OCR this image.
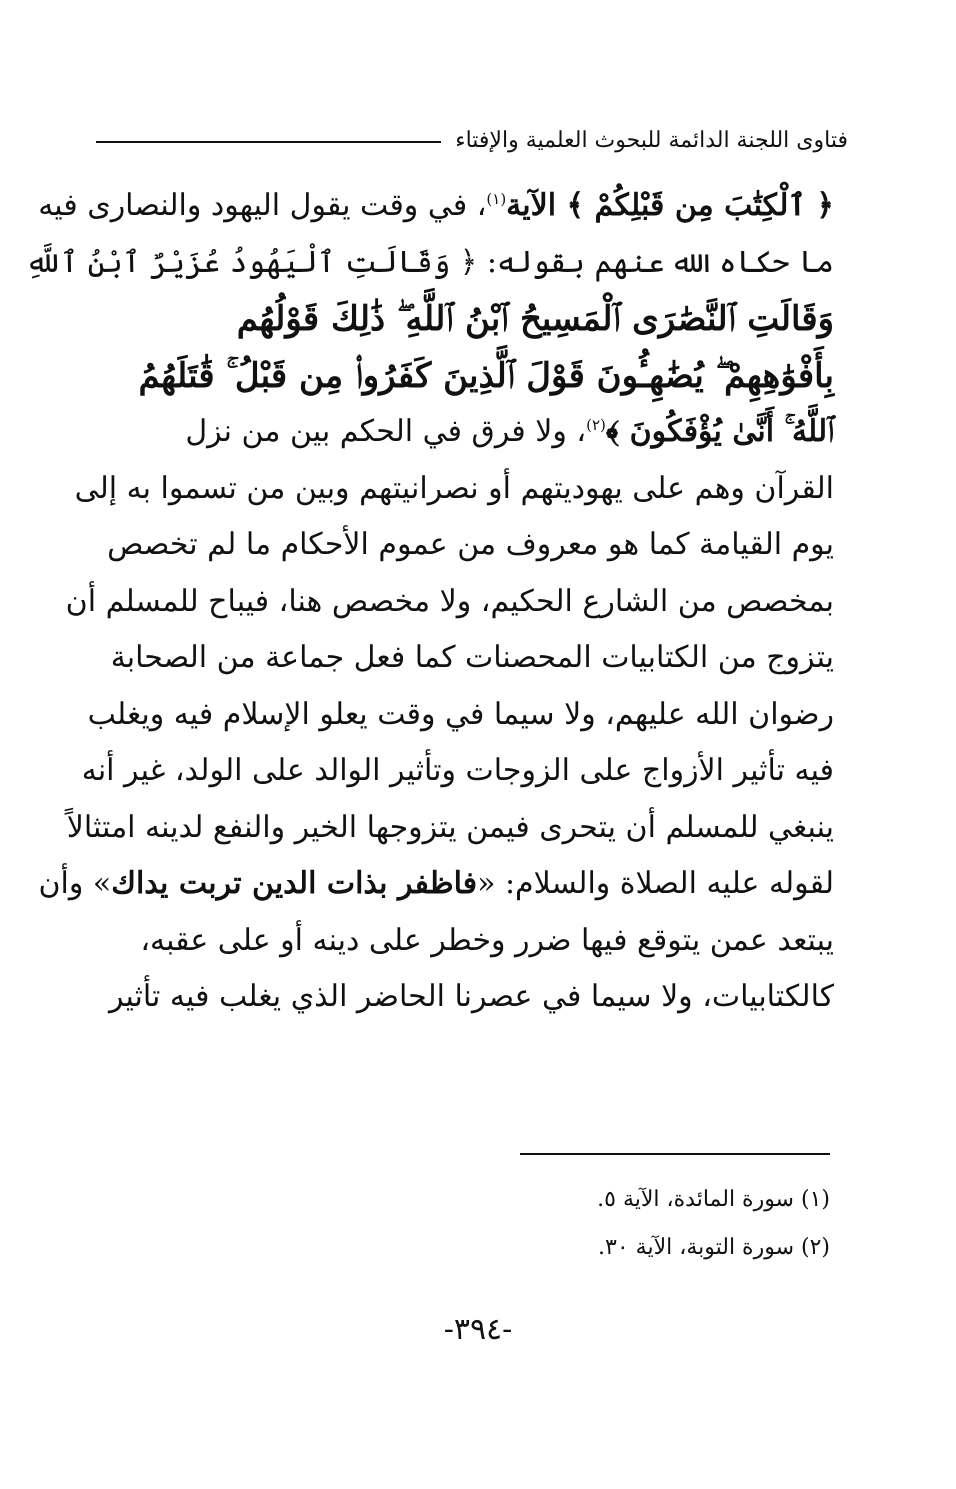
فتاوى اللجنة الدائمة للبحوث العلمية والإفتاء
﴿ ٱلْكِتَٰبَ مِن قَبْلِكُمْ ﴾ الآية$^{(١)}$، في وقت يقول اليهود والنصارى فيه
ما حكاه الله عنهم بقوله: ﴿ وَقَالَتِ ٱلْيَهُودُ عُزَيْرٌ ٱبْنُ ٱللَّهِ
وَقَالَتِ ٱلنَّصَٰرَى ٱلْمَسِيحُ ٱبْنُ ٱللَّهِ ۖ ذَٰلِكَ قَوْلُهُم
بِأَفْوَٰهِهِمْ ۖ يُضَٰهِـُٔونَ قَوْلَ ٱلَّذِينَ كَفَرُوا۟ مِن قَبْلُ ۚ قَٰتَلَهُمُ
ٱللَّهُ ۚ أَنَّىٰ يُؤْفَكُونَ ﴾$^{(٢)}$، ولا فرق في الحكم بين من نزل
القرآن وهم على يهوديتهم أو نصرانيتهم وبين من تسموا به إلى
يوم القيامة كما هو معروف من عموم الأحكام ما لم تخصص
بمخصص من الشارع الحكيم، ولا مخصص هنا، فيباح للمسلم أن
يتزوج من الكتابيات المحصنات كما فعل جماعة من الصحابة
رضوان الله عليهم، ولا سيما في وقت يعلو الإسلام فيه ويغلب
فيه تأثير الأزواج على الزوجات وتأثير الوالد على الولد، غير أنه
ينبغي للمسلم أن يتحرى فيمن يتزوجها الخير والنفع لدينه امتثالاً
لقوله عليه الصلاة والسلام: «فاظفر بذات الدين تربت يداك» وأن
يبتعد عمن يتوقع فيها ضرر وخطر على دينه أو على عقبه،
كالكتابيات، ولا سيما في عصرنا الحاضر الذي يغلب فيه تأثير
(١) سورة المائدة، الآية ٥.
(٢) سورة التوبة، الآية ٣٠.
-٣٩٤-
